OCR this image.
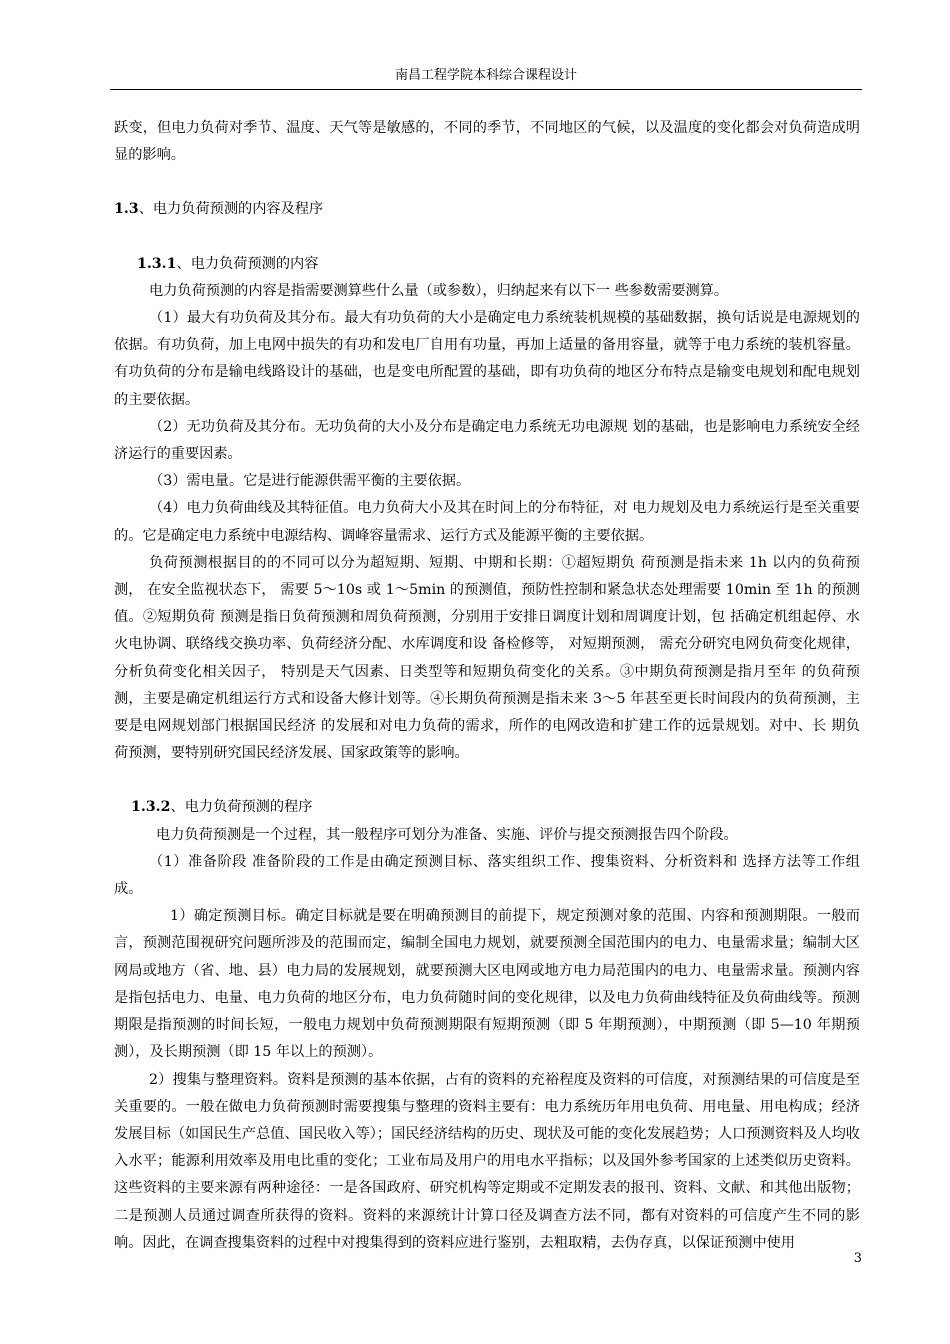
南昌工程学院本科综合课程设计

跃变，但电力负荷对季节、温度、天气等是敏感的，不同的季节，不同地区的气候，以及温度的变化都会对负荷造成明显的影响。

1.3、电力负荷预测的内容及程序

1.3.1、电力负荷预测的内容

电力负荷预测的内容是指需要测算些什么量（或参数），归纳起来有以下一 些参数需要测算。

（1）最大有功负荷及其分布。最大有功负荷的大小是确定电力系统装机规模的基础数据，换句话说是电源规划的依据。有功负荷，加上电网中损失的有功和发电厂自用有功量，再加上适量的备用容量，就等于电力系统的装机容量。有功负荷的分布是输电线路设计的基础，也是变电所配置的基础，即有功负荷的地区分布特点是输变电规划和配电规划的主要依据。

（2）无功负荷及其分布。无功负荷的大小及分布是确定电力系统无功电源规 划的基础，也是影响电力系统安全经济运行的重要因素。

（3）需电量。它是进行能源供需平衡的主要依据。

（4）电力负荷曲线及其特征值。电力负荷大小及其在时间上的分布特征，对 电力规划及电力系统运行是至关重要的。它是确定电力系统中电源结构、调峰容量需求、运行方式及能源平衡的主要依据。

负荷预测根据目的的不同可以分为超短期、短期、中期和长期：①超短期负 荷预测是指未来 1h 以内的负荷预测， 在安全监视状态下， 需要 5～10s 或 1～5min 的预测值，预防性控制和紧急状态处理需要 10min 至 1h 的预测值。②短期负荷 预测是指日负荷预测和周负荷预测，分别用于安排日调度计划和周调度计划，包 括确定机组起停、水火电协调、联络线交换功率、负荷经济分配、水库调度和设 备检修等， 对短期预测， 需充分研究电网负荷变化规律， 分析负荷变化相关因子， 特别是天气因素、日类型等和短期负荷变化的关系。③中期负荷预测是指月至年 的负荷预测，主要是确定机组运行方式和设备大修计划等。④长期负荷预测是指未来 3～5 年甚至更长时间段内的负荷预测，主要是电网规划部门根据国民经济 的发展和对电力负荷的需求，所作的电网改造和扩建工作的远景规划。对中、长 期负荷预测，要特别研究国民经济发展、国家政策等的影响。

1.3.2、电力负荷预测的程序

电力负荷预测是一个过程，其一般程序可划分为准备、实施、评价与提交预测报告四个阶段。

（1）准备阶段 准备阶段的工作是由确定预测目标、落实组织工作、搜集资料、分析资料和 选择方法等工作组成。

1）确定预测目标。确定目标就是要在明确预测目的前提下，规定预测对象的范围、内容和预测期限。一般而言，预测范围视研究问题所涉及的范围而定，编制全国电力规划，就要预测全国范围内的电力、电量需求量；编制大区网局或地方（省、地、县）电力局的发展规划，就要预测大区电网或地方电力局范围内的电力、电量需求量。预测内容是指包括电力、电量、电力负荷的地区分布，电力负荷随时间的变化规律，以及电力负荷曲线特征及负荷曲线等。预测期限是指预测的时间长短，一般电力规划中负荷预测期限有短期预测（即 5 年期预测），中期预测（即 5—10 年期预测），及长期预测（即 15 年以上的预测）。

2）搜集与整理资料。资料是预测的基本依据，占有的资料的充裕程度及资料的可信度，对预测结果的可信度是至关重要的。一般在做电力负荷预测时需要搜集与整理的资料主要有：电力系统历年用电负荷、用电量、用电构成；经济发展目标（如国民生产总值、国民收入等）；国民经济结构的历史、现状及可能的变化发展趋势；人口预测资料及人均收入水平；能源利用效率及用电比重的变化；工业布局及用户的用电水平指标；以及国外参考国家的上述类似历史资料。这些资料的主要来源有两种途径：一是各国政府、研究机构等定期或不定期发表的报刊、资料、文献、和其他出版物；二是预测人员通过调查所获得的资料。资料的来源统计计算口径及调查方法不同，都有对资料的可信度产生不同的影响。因此，在调查搜集资料的过程中对搜集得到的资料应进行鉴别，去粗取精，去伪存真，以保证预测中使用

3
